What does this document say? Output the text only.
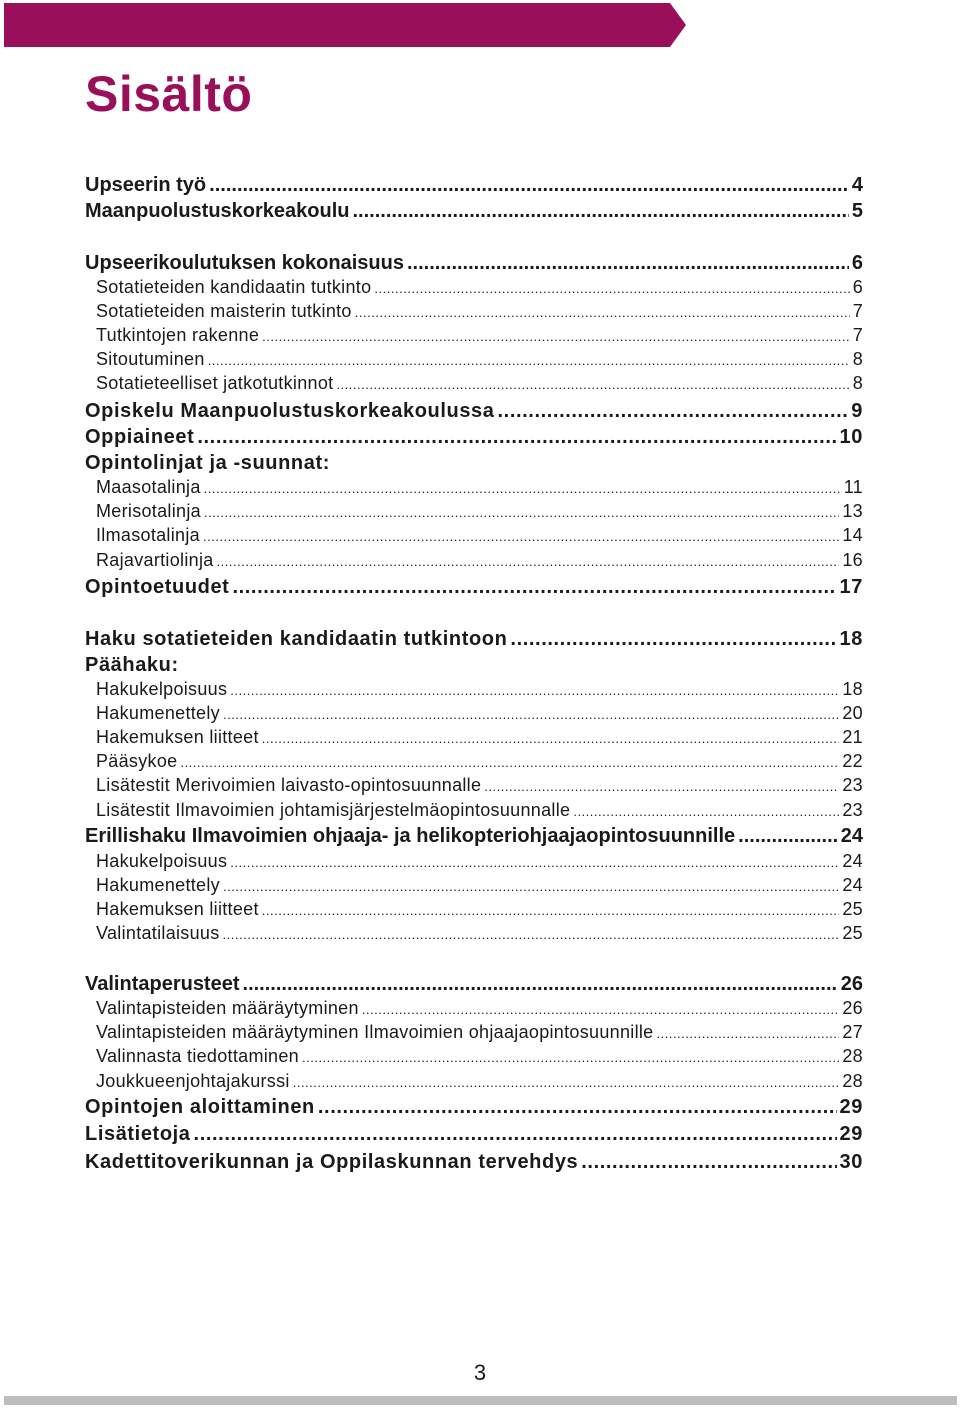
Sisältö
Upseerin työ .....	4
Maanpuolustuskorkeakoulu .....	5
Upseerikoulutuksen kokonaisuus .....	6
Sotatieteiden kandidaatin tutkinto .....	6
Sotatieteiden maisterin tutkinto .....	7
Tutkintojen rakenne .....	7
Sitoutuminen .....	8
Sotatieteelliset jatkotutkinnot .....	8
Opiskelu Maanpuolustuskorkeakoulussa .....	9
Oppiaineet .....	10
Opintolinjat ja -suunnat:
Maasotalinja .....	11
Merisotalinja .....	13
Ilmasotalinja .....	14
Rajavartiolinja .....	16
Opintoetuudet .....	17
Haku sotatieteiden kandidaatin tutkintoon .....	18
Päähaku:
Hakukelpoisuus .....	18
Hakumenettely .....	20
Hakemuksen liitteet .....	21
Pääsykoe .....	22
Lisätestit Merivoimien laivasto-opintosuunnalle .....	23
Lisätestit Ilmavoimien johtamisjärjestelmäopintosuunnalle .....	23
Erillishaku Ilmavoimien ohjaaja- ja helikopteriohjaajaopintosuunnille .....	24
Hakukelpoisuus .....	24
Hakumenettely .....	24
Hakemuksen liitteet .....	25
Valintatilaisuus .....	25
Valintaperusteet .....	26
Valintapisteiden määräytyminen .....	26
Valintapisteiden määräytyminen Ilmavoimien ohjaajaopintosuunnille .....	27
Valinnasta tiedottaminen .....	28
Joukkueenjohtajakurssi .....	28
Opintojen aloittaminen .....	29
Lisätietoja .....	29
Kadettitoverikunnan ja Oppilaskunnan tervehdys .....	30
3
